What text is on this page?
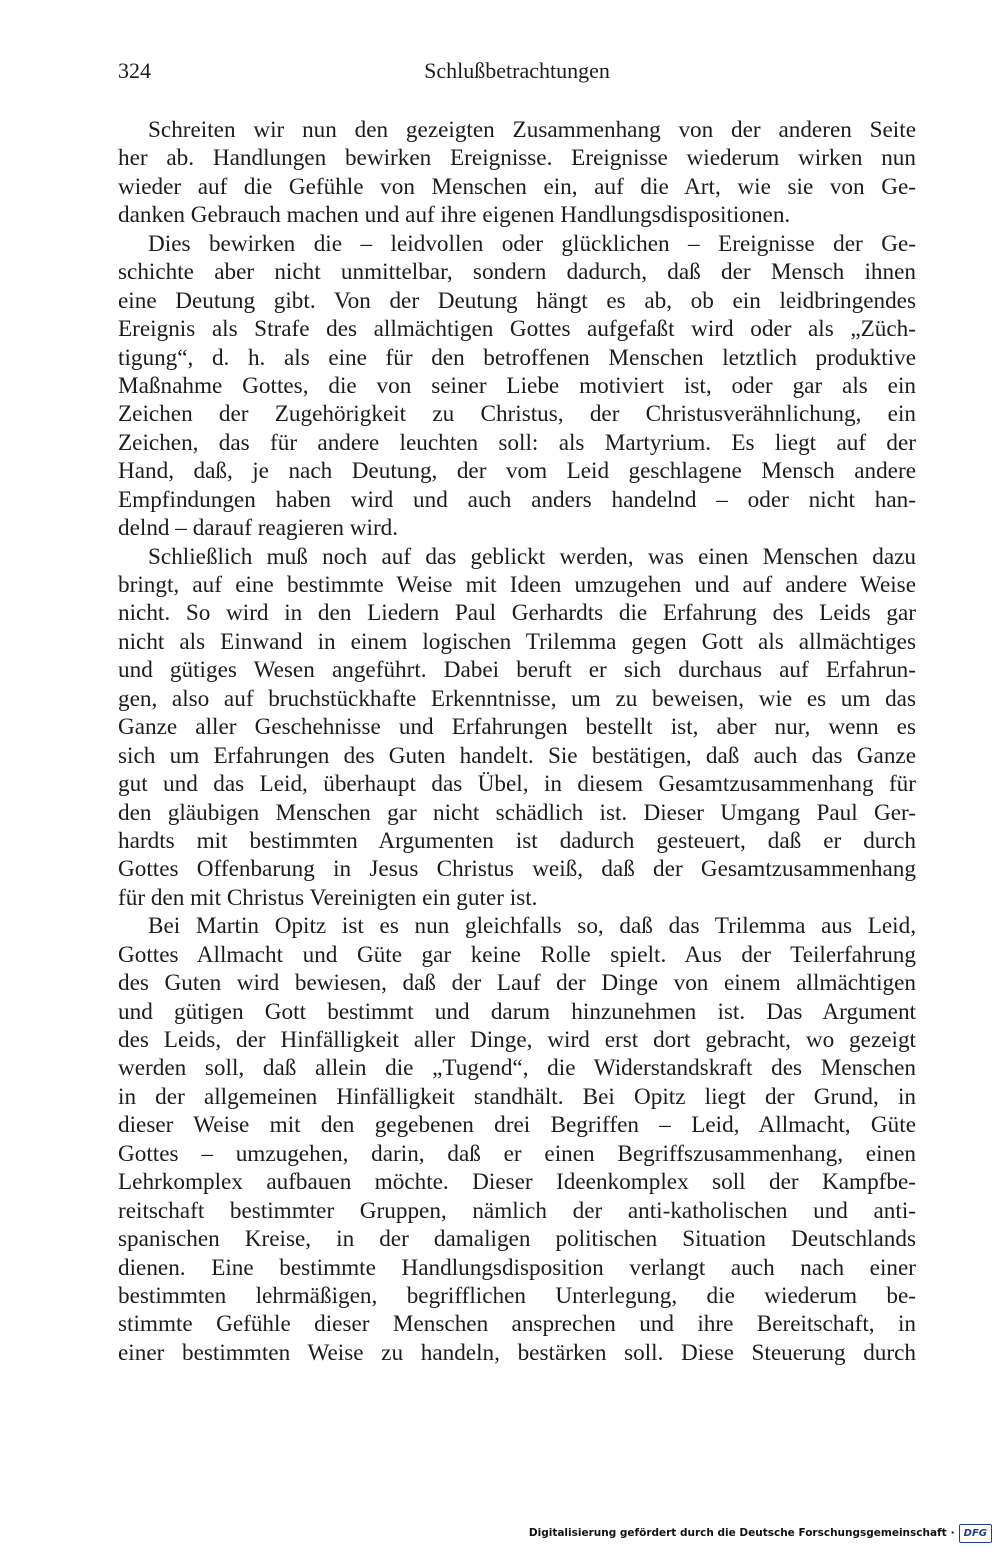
324	Schlußbetrachtungen
Schreiten wir nun den gezeigten Zusammenhang von der anderen Seite
her ab. Handlungen bewirken Ereignisse. Ereignisse wiederum wirken nun
wieder auf die Gefühle von Menschen ein, auf die Art, wie sie von Ge-
danken Gebrauch machen und auf ihre eigenen Handlungsdispositionen.
Dies bewirken die – leidvollen oder glücklichen – Ereignisse der Ge-
schichte aber nicht unmittelbar, sondern dadurch, daß der Mensch ihnen
eine Deutung gibt. Von der Deutung hängt es ab, ob ein leidbringendes
Ereignis als Strafe des allmächtigen Gottes aufgefaßt wird oder als „Züch-
tigung“, d. h. als eine für den betroffenen Menschen letztlich produktive
Maßnahme Gottes, die von seiner Liebe motiviert ist, oder gar als ein
Zeichen der Zugehörigkeit zu Christus, der Christusverähnlichung, ein
Zeichen, das für andere leuchten soll: als Martyrium. Es liegt auf der
Hand, daß, je nach Deutung, der vom Leid geschlagene Mensch andere
Empfindungen haben wird und auch anders handelnd – oder nicht han-
delnd – darauf reagieren wird.
Schließlich muß noch auf das geblickt werden, was einen Menschen dazu
bringt, auf eine bestimmte Weise mit Ideen umzugehen und auf andere Weise
nicht. So wird in den Liedern Paul Gerhardts die Erfahrung des Leids gar
nicht als Einwand in einem logischen Trilemma gegen Gott als allmächtiges
und gütiges Wesen angeführt. Dabei beruft er sich durchaus auf Erfahrun-
gen, also auf bruchstückhafte Erkenntnisse, um zu beweisen, wie es um das
Ganze aller Geschehnisse und Erfahrungen bestellt ist, aber nur, wenn es
sich um Erfahrungen des Guten handelt. Sie bestätigen, daß auch das Ganze
gut und das Leid, überhaupt das Übel, in diesem Gesamtzusammenhang für
den gläubigen Menschen gar nicht schädlich ist. Dieser Umgang Paul Ger-
hardts mit bestimmten Argumenten ist dadurch gesteuert, daß er durch
Gottes Offenbarung in Jesus Christus weiß, daß der Gesamtzusammenhang
für den mit Christus Vereinigten ein guter ist.
Bei Martin Opitz ist es nun gleichfalls so, daß das Trilemma aus Leid,
Gottes Allmacht und Güte gar keine Rolle spielt. Aus der Teilerfahrung
des Guten wird bewiesen, daß der Lauf der Dinge von einem allmächtigen
und gütigen Gott bestimmt und darum hinzunehmen ist. Das Argument
des Leids, der Hinfälligkeit aller Dinge, wird erst dort gebracht, wo gezeigt
werden soll, daß allein die „Tugend“, die Widerstandskraft des Menschen
in der allgemeinen Hinfälligkeit standhält. Bei Opitz liegt der Grund, in
dieser Weise mit den gegebenen drei Begriffen – Leid, Allmacht, Güte
Gottes – umzugehen, darin, daß er einen Begriffszusammenhang, einen
Lehrkomplex aufbauen möchte. Dieser Ideenkomplex soll der Kampfbe-
reitschaft bestimmter Gruppen, nämlich der anti-katholischen und anti-
spanischen Kreise, in der damaligen politischen Situation Deutschlands
dienen. Eine bestimmte Handlungsdisposition verlangt auch nach einer
bestimmten lehrmäßigen, begrifflichen Unterlegung, die wiederum be-
stimmte Gefühle dieser Menschen ansprechen und ihre Bereitschaft, in
einer bestimmten Weise zu handeln, bestärken soll. Diese Steuerung durch
Digitalisierung gefördert durch die Deutsche Forschungsgemeinschaft · DFG
